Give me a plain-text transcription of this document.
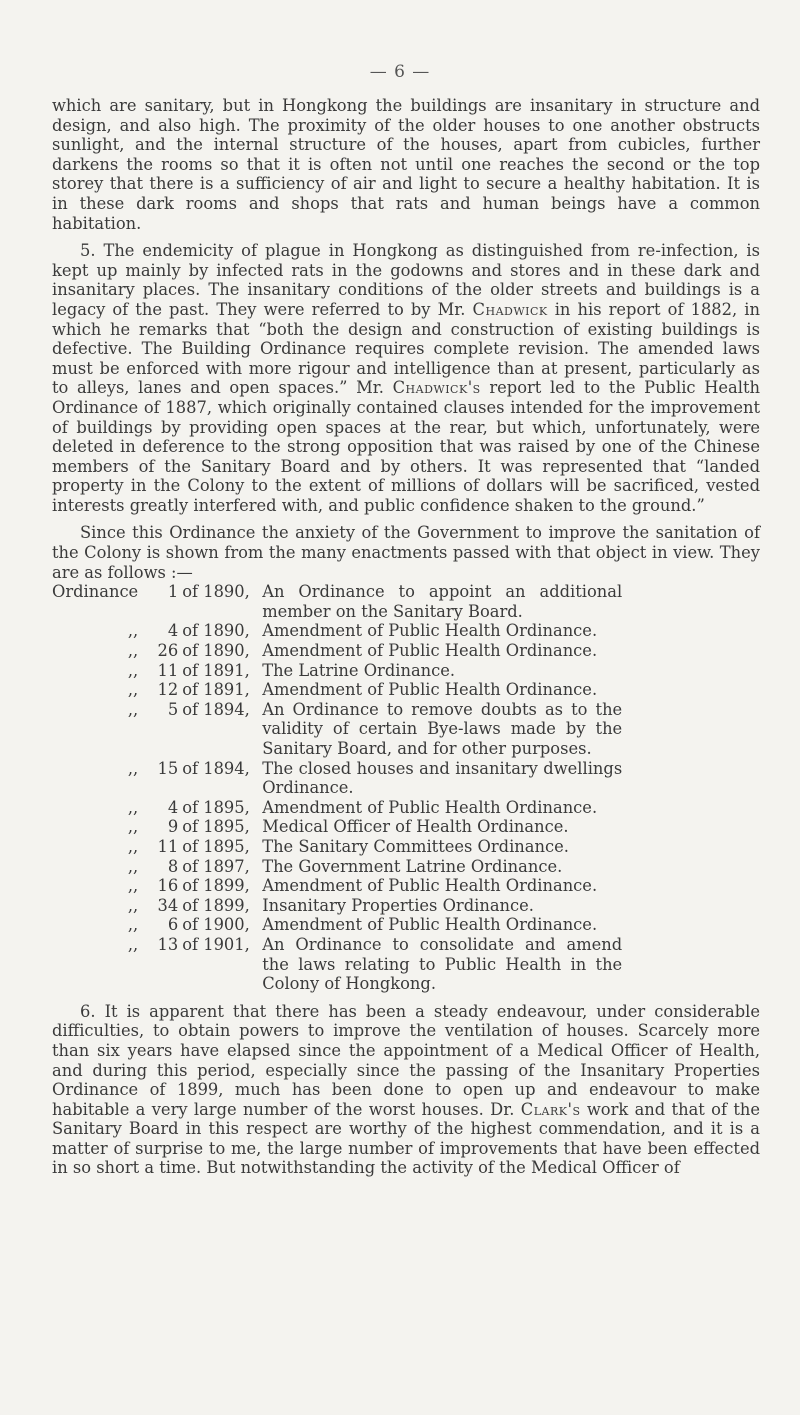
— 6 —

which are sanitary, but in Hongkong the buildings are insanitary in structure and design, and also high. The proximity of the older houses to one another obstructs sunlight, and the internal structure of the houses, apart from cubicles, further darkens the rooms so that it is often not until one reaches the second or the top storey that there is a sufficiency of air and light to secure a healthy habitation. It is in these dark rooms and shops that rats and human beings have a common habitation.

5. The endemicity of plague in Hongkong as distinguished from re-infection, is kept up mainly by infected rats in the godowns and stores and in these dark and insanitary places. The insanitary conditions of the older streets and buildings is a legacy of the past. They were referred to by Mr. Chadwick in his report of 1882, in which he remarks that “both the design and construction of existing buildings is defective. The Building Ordinance requires complete revision. The amended laws must be enforced with more rigour and intelligence than at present, particularly as to alleys, lanes and open spaces.” Mr. Chadwick's report led to the Public Health Ordinance of 1887, which originally contained clauses intended for the improvement of buildings by providing open spaces at the rear, but which, unfortunately, were deleted in deference to the strong opposition that was raised by one of the Chinese members of the Sanitary Board and by others. It was represented that “landed property in the Colony to the extent of millions of dollars will be sacrificed, vested interests greatly interfered with, and public confidence shaken to the ground.”

Since this Ordinance the anxiety of the Government to improve the sanitation of the Colony is shown from the many enactments passed with that object in view. They are as follows :—

Ordinance	1	of 1890,	An Ordinance to appoint an additional member on the Sanitary Board.
,,	4	of 1890,	Amendment of Public Health Ordinance.
,,	26	of 1890,	Amendment of Public Health Ordinance.
,,	11	of 1891,	The Latrine Ordinance.
,,	12	of 1891,	Amendment of Public Health Ordinance.
,,	5	of 1894,	An Ordinance to remove doubts as to the validity of certain Bye-laws made by the Sanitary Board, and for other purposes.
,,	15	of 1894,	The closed houses and insanitary dwellings Ordinance.
,,	4	of 1895,	Amendment of Public Health Ordinance.
,,	9	of 1895,	Medical Officer of Health Ordinance.
,,	11	of 1895,	The Sanitary Committees Ordinance.
,,	8	of 1897,	The Government Latrine Ordinance.
,,	16	of 1899,	Amendment of Public Health Ordinance.
,,	34	of 1899,	Insanitary Properties Ordinance.
,,	6	of 1900,	Amendment of Public Health Ordinance.
,,	13	of 1901,	An Ordinance to consolidate and amend the laws relating to Public Health in the Colony of Hongkong.

6. It is apparent that there has been a steady endeavour, under considerable difficulties, to obtain powers to improve the ventilation of houses. Scarcely more than six years have elapsed since the appointment of a Medical Officer of Health, and during this period, especially since the passing of the Insanitary Properties Ordinance of 1899, much has been done to open up and endeavour to make habitable a very large number of the worst houses. Dr. Clark's work and that of the Sanitary Board in this respect are worthy of the highest commendation, and it is a matter of surprise to me, the large number of improvements that have been effected in so short a time. But notwithstanding the activity of the Medical Officer of
